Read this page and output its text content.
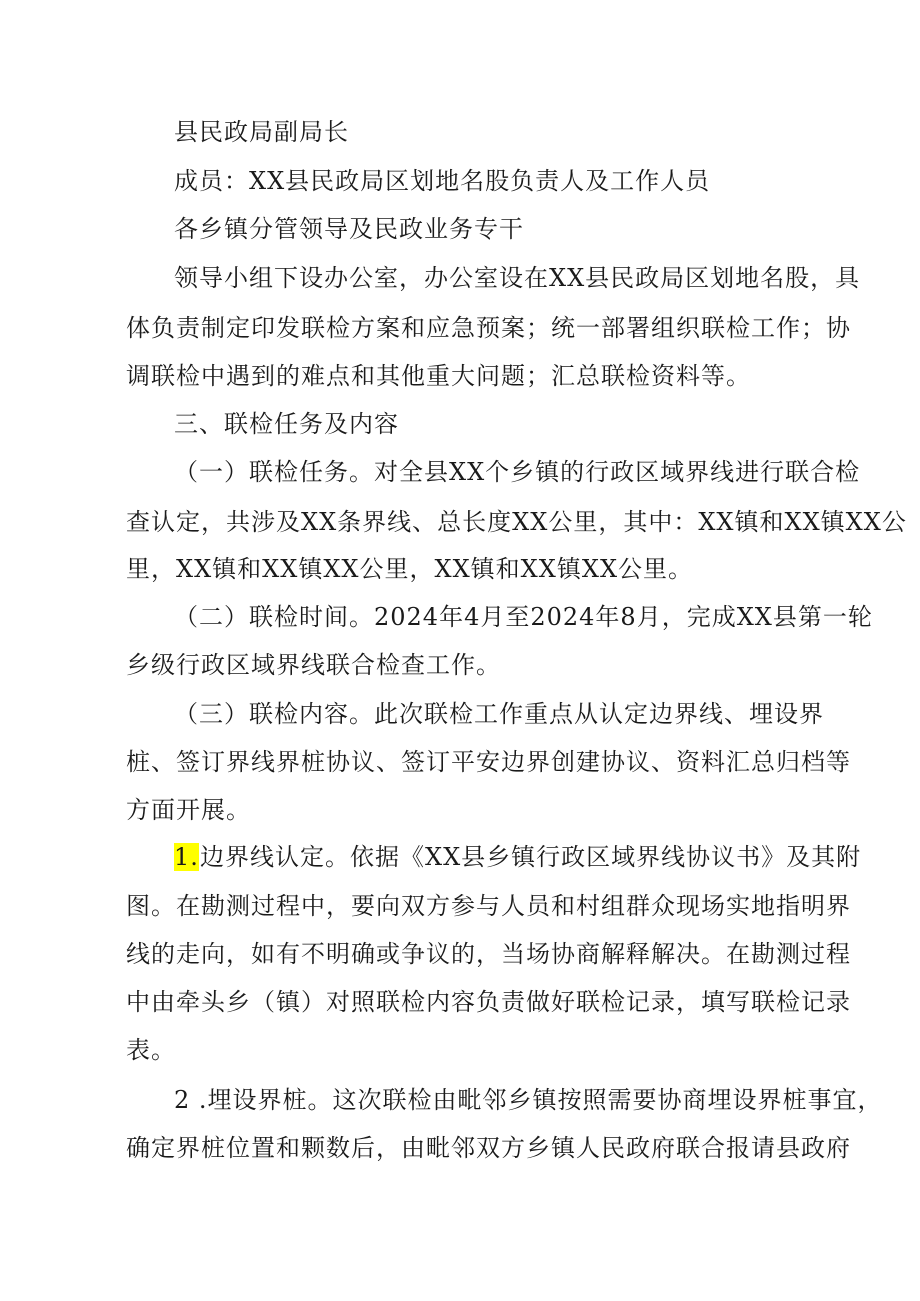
县民政局副局长
成员：XX县民政局区划地名股负责人及工作人员
各乡镇分管领导及民政业务专干
领导小组下设办公室，办公室设在XX县民政局区划地名股，具
体负责制定印发联检方案和应急预案；统一部署组织联检工作；协
调联检中遇到的难点和其他重大问题；汇总联检资料等。
三、联检任务及内容
（一）联检任务。对全县XX个乡镇的行政区域界线进行联合检
查认定，共涉及XX条界线、总长度XX公里，其中：XX镇和XX镇XX公
里，XX镇和XX镇XX公里，XX镇和XX镇XX公里。
（二）联检时间。2024年4月至2024年8月，完成XX县第一轮
乡级行政区域界线联合检查工作。
（三）联检内容。此次联检工作重点从认定边界线、埋设界
桩、签订界线界桩协议、签订平安边界创建协议、资料汇总归档等
方面开展。
1. 边界线认定。依据《XX县乡镇行政区域界线协议书》及其附
图。在勘测过程中，要向双方参与人员和村组群众现场实地指明界
线的走向，如有不明确或争议的，当场协商解释解决。在勘测过程
中由牵头乡（镇）对照联检内容负责做好联检记录，填写联检记录
表。
2 .埋设界桩。这次联检由毗邻乡镇按照需要协商埋设界桩事宜，
确定界桩位置和颗数后，由毗邻双方乡镇人民政府联合报请县政府
